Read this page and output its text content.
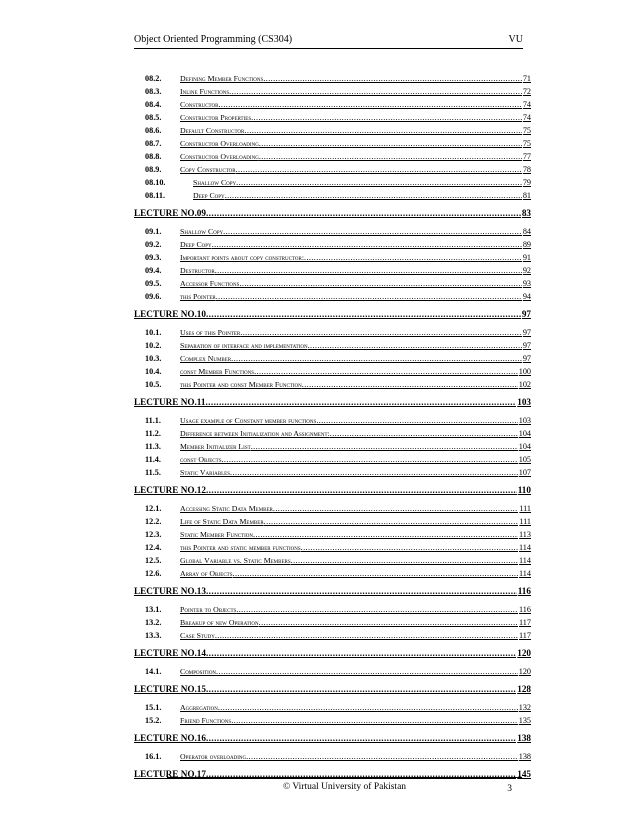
Object Oriented Programming (CS304)	VU
08.2. Defining Member Functions .....	71
08.3. Inline Functions .....	72
08.4. Constructor .....	74
08.5. Constructor Properties .....	74
08.6. Default Constructor .....	75
08.7. Constructor Overloading .....	75
08.8. Constructor Overloading .....	77
08.9. Copy Constructor .....	78
08.10.	Shallow Copy .....	79
08.11.	Deep Copy .....	81
LECTURE NO.09 .....	83
09.1. Shallow Copy .....	84
09.2. Deep Copy .....	89
09.3. Important points about copy constructor: .....	91
09.4. Destructor .....	92
09.5. Accessor Functions .....	93
09.6. this Pointer .....	94
LECTURE NO.10 .....	97
10.1. Uses of this Pointer .....	97
10.2. Separation of interface and implementation .....	97
10.3. Complex Number .....	97
10.4. const Member Functions .....	100
10.5. this Pointer and const Member Function .....	102
LECTURE NO.11 .....	103
11.1. Usage example of Constant member functions .....	103
11.2. Difference between Initialization and Assignment: .....	104
11.3. Member Initializer List .....	104
11.4. const Objects .....	105
11.5. Static Variables .....	107
LECTURE NO.12 .....	110
12.1. Accessing Static Data Member .....	111
12.2. Life of Static Data Member .....	111
12.3. Static Member Function .....	113
12.4. this Pointer and static member functions .....	114
12.5. Global Variable vs. Static Members .....	114
12.6. Array of Objects .....	114
LECTURE NO.13 .....	116
13.1. Pointer to Objects .....	116
13.2. Breakup of new Operation .....	117
13.3. Case Study .....	117
LECTURE NO.14 .....	120
14.1. Composition .....	120
LECTURE NO.15 .....	128
15.1. Aggregation .....	132
15.2. Friend Functions .....	135
LECTURE NO.16 .....	138
16.1. Operator overloading .....	138
LECTURE NO.17 .....	145
© Virtual University of Pakistan	3
